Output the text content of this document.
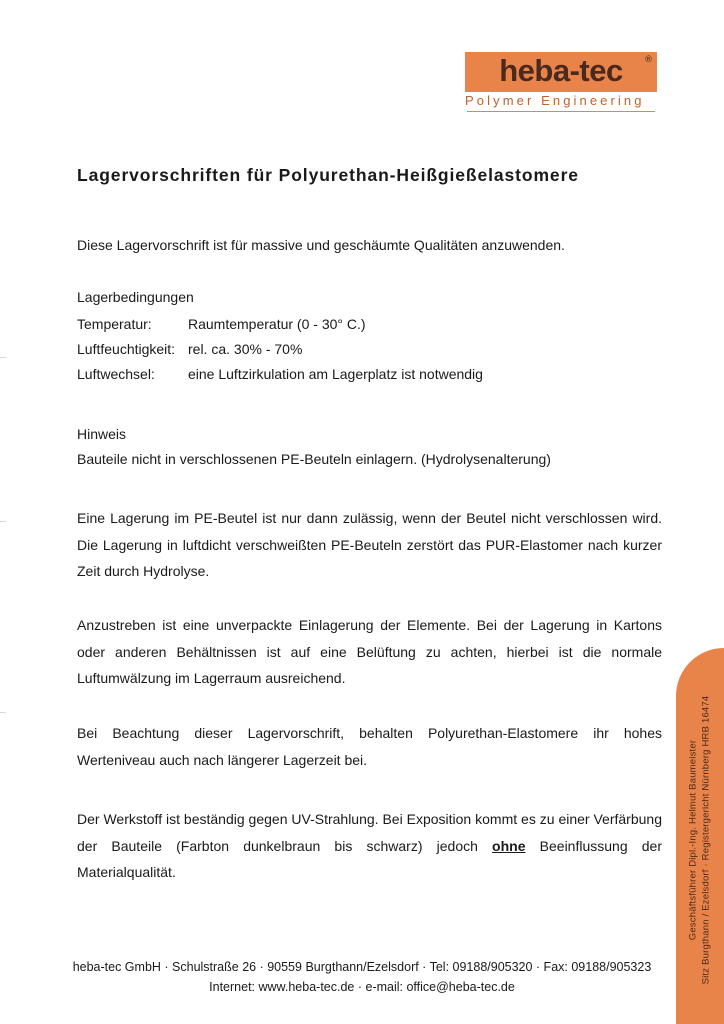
heba-tec	®
Polymer Engineering
Lagervorschriften für Polyurethan-Heißgießelastomere

Diese Lagervorschrift ist für massive und geschäumte Qualitäten anzuwenden.

Lagerbedingungen

Temperatur:	Raumtemperatur (0 - 30° C.)
Luftfeuchtigkeit: rel. ca. 30% - 70%
Luftwechsel:	eine Luftzirkulation am Lagerplatz ist notwendig

Hinweis

Bauteile nicht in verschlossenen PE-Beuteln einlagern. (Hydrolysenalterung)

Eine Lagerung im PE-Beutel ist nur dann zulässig, wenn der Beutel nicht verschlossen wird. Die Lagerung in luftdicht verschweißten PE-Beuteln zerstört das PUR-Elastomer nach kurzer Zeit durch Hydrolyse.

Anzustreben ist eine unverpackte Einlagerung der Elemente. Bei der Lagerung in Kartons oder anderen Behältnissen ist auf eine Belüftung zu achten, hierbei ist die normale Luftumwälzung im Lagerraum ausreichend.

Bei Beachtung dieser Lagervorschrift, behalten Polyurethan-Elastomere ihr hohes Werteniveau auch nach längerer Lagerzeit bei.

Der Werkstoff ist beständig gegen UV-Strahlung. Bei Exposition kommt es zu einer Verfärbung der Bauteile (Farbton dunkelbraun bis schwarz) jedoch ohne Beeinflussung der Materialqualität.

heba-tec GmbH · Schulstraße 26 · 90559 Burgthann/Ezelsdorf · Tel: 09188/905320 · Fax: 09188/905323
Internet: www.heba-tec.de · e-mail: office@heba-tec.de
Geschäftsführer Dipl.-Ing. Helmut Baumeister Sitz Burgthann / Ezelsdorf · Registergericht Nürnberg HRB 16474
